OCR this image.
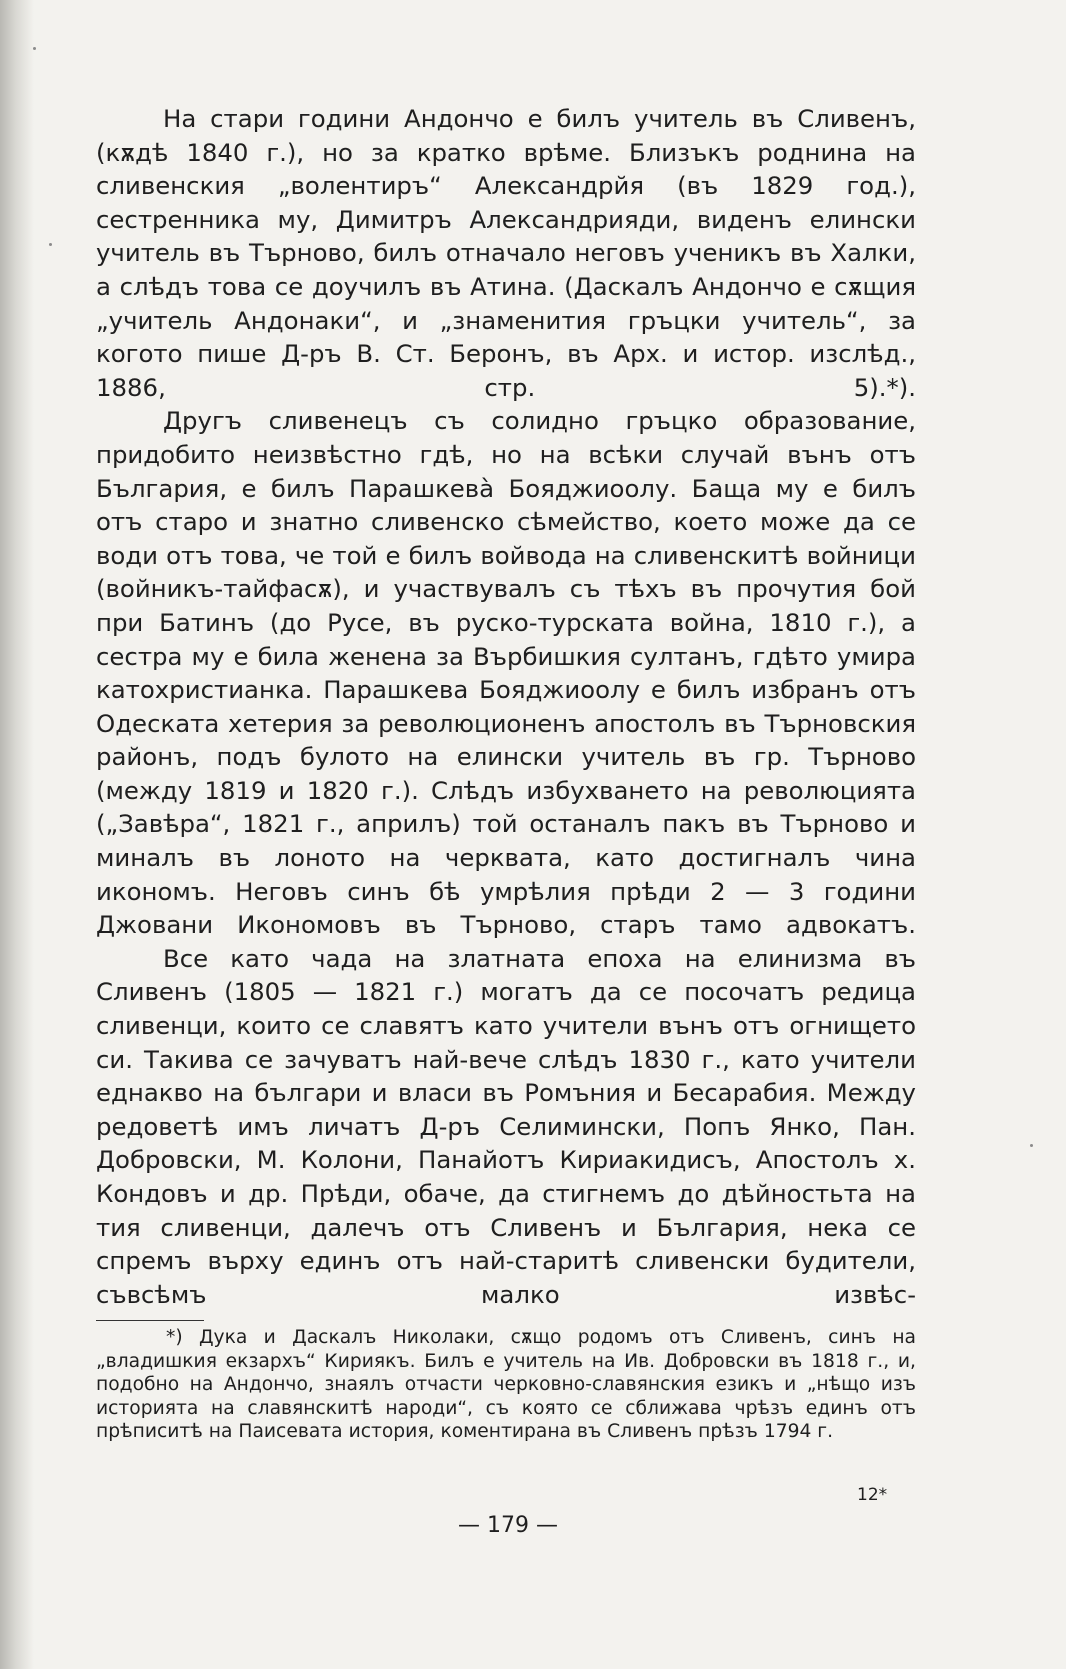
На стари години Андончо е билъ учитель въ Сливенъ, (кѫдѣ 1840 г.), но за кратко врѣме. Близъкъ роднина на сливенския „волентиръ“ Александрйя (въ 1829 год.), сестренника му, Димитръ Александрияди, виденъ елински учитель въ Търново, билъ отначало неговъ ученикъ въ Халки, а слѣдъ това се доучилъ въ Атина. (Даскалъ Андончо е сѫщия „учитель Андонаки“, и „знаменития гръцки учитель“, за когото пише Д-ръ В. Ст. Беронъ, въ Арх. и истор. изслѣд., 1886, стр. 5).*).

Другъ сливенецъ съ солидно гръцко образование, придобито неизвѣстно гдѣ, но на всѣки случай вънъ отъ България, е билъ Парашкевà Бояджиоолу. Баща му е билъ отъ старо и знатно сливенско сѣмейство, което може да се води отъ това, че той е билъ войвода на сливенскитѣ войници (войникъ-тайфасѫ), и участвувалъ съ тѣхъ въ прочутия бой при Батинъ (до Русе, въ руско-турската война, 1810 г.), а сестра му е била женена за Върбишкия султанъ, гдѣто умира катохристианка. Парашкева Бояджиоолу е билъ избранъ отъ Одеската хетерия за революционенъ апостолъ въ Търновския районъ, подъ булото на елински учитель въ гр. Търново (между 1819 и 1820 г.). Слѣдъ избухването на революцията („Завѣра“, 1821 г., априлъ) той останалъ пакъ въ Търново и миналъ въ лоното на черквата, като достигналъ чина икономъ. Неговъ синъ бѣ умрѣлия прѣди 2 — 3 години Джовани Икономовъ въ Търново, старъ тамо адвокатъ.

Все като чада на златната епоха на елинизма въ Сливенъ (1805 — 1821 г.) могатъ да се посочатъ редица сливенци, които се славятъ като учители вънъ отъ огнището си. Такива се зачуватъ най-вече слѣдъ 1830 г., като учители еднакво на българи и власи въ Ромъния и Бесарабия. Между редоветѣ имъ личатъ Д-ръ Селимински, Попъ Янко, Пан. Добровски, М. Колони, Панайотъ Кириакидисъ, Апостолъ х. Кондовъ и др. Прѣди, обаче, да стигнемъ до дѣйностьта на тия сливенци, далечъ отъ Сливенъ и България, нека се спремъ върху единъ отъ най-старитѣ сливенски будители, съвсѣмъ малко извѣс-

*) Дука и Даскалъ Николаки, сѫщо родомъ отъ Сливенъ, синъ на „владишкия екзархъ“ Кириякъ. Билъ е учитель на Ив. Добровски въ 1818 г., и, подобно на Андончо, знаялъ отчасти черковно-славянския езикъ и „нѣщо изъ историята на славянскитѣ народи“, съ която се сближава чрѣзъ единъ отъ прѣписитѣ на Паисевата история, коментирана въ Сливенъ прѣзъ 1794 г.

12*
— 179 —
